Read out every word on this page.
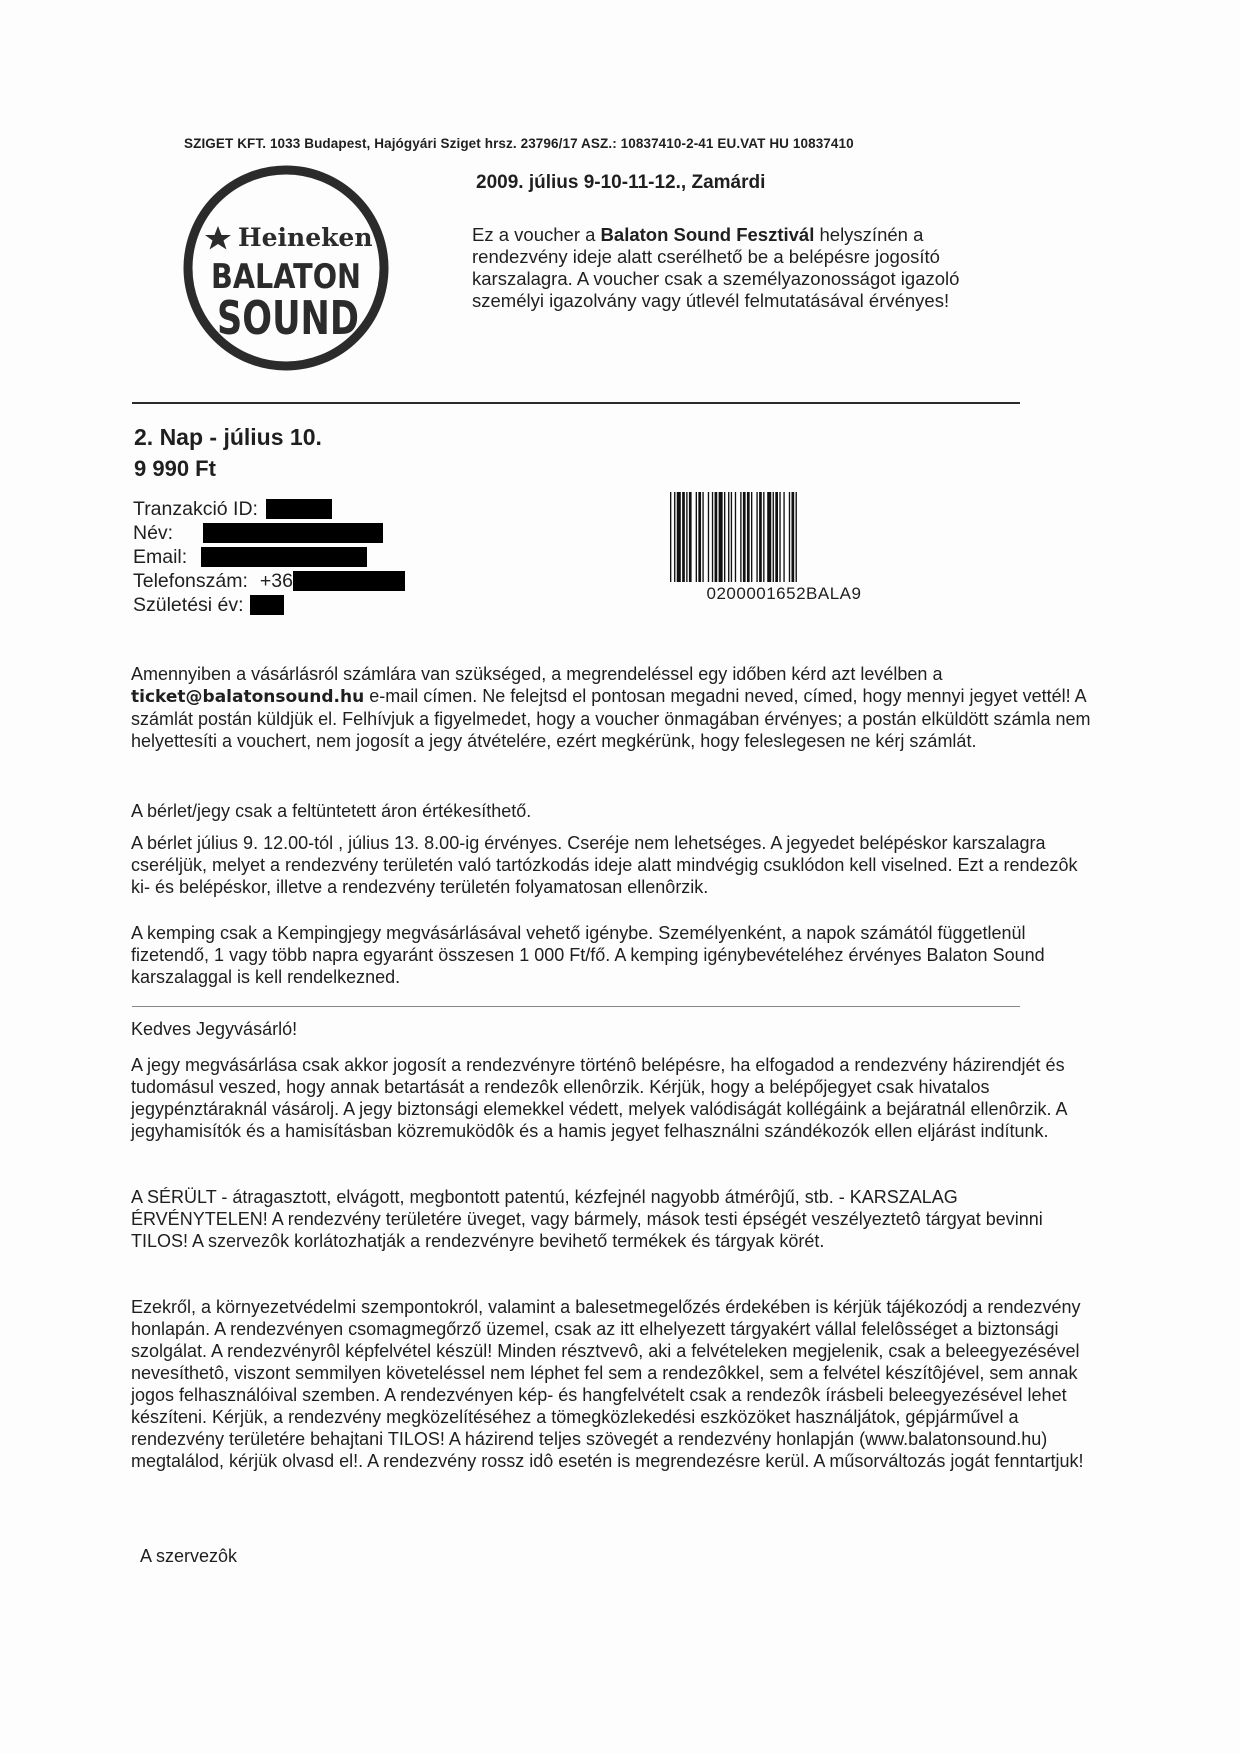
SZIGET KFT. 1033 Budapest, Hajógyári Sziget hrsz. 23796/17 ASZ.: 10837410-2-41 EU.VAT HU 10837410
Heineken
BALATON
SOUND
2009. július 9-10-11-12., Zamárdi
Ez a voucher a Balaton Sound Fesztivál helyszínén a rendezvény ideje alatt cserélhető be a belépésre jogosító karszalagra. A voucher csak a személyazonosságot igazoló személyi igazolvány vagy útlevél felmutatásával érvényes!
2. Nap - július 10.
9 990 Ft
Tranzakció ID:
Név:
Email:
Telefonszám: +36
Születési év:
0200001652BALA9
Amennyiben a vásárlásról számlára van szükséged, a megrendeléssel egy időben kérd azt levélben a ticket@balatonsound.hu e-mail címen. Ne felejtsd el pontosan megadni neved, címed, hogy mennyi jegyet vettél! A számlát postán küldjük el. Felhívjuk a figyelmedet, hogy a voucher önmagában érvényes; a postán elküldött számla nem helyettesíti a vouchert, nem jogosít a jegy átvételére, ezért megkérünk, hogy feleslegesen ne kérj számlát.
A bérlet/jegy csak a feltüntetett áron értékesíthető.
A bérlet július 9. 12.00-tól , július 13. 8.00-ig érvényes. Cseréje nem lehetséges. A jegyedet belépéskor karszalagra cseréljük, melyet a rendezvény területén való tartózkodás ideje alatt mindvégig csuklódon kell viselned. Ezt a rendezôk ki- és belépéskor, illetve a rendezvény területén folyamatosan ellenôrzik.
A kemping csak a Kempingjegy megvásárlásával vehető igénybe. Személyenként, a napok számától függetlenül fizetendő, 1 vagy több napra egyaránt összesen 1 000 Ft/fő. A kemping igénybevételéhez érvényes Balaton Sound karszalaggal is kell rendelkezned.
Kedves Jegyvásárló!
A jegy megvásárlása csak akkor jogosít a rendezvényre történô belépésre, ha elfogadod a rendezvény házirendjét és tudomásul veszed, hogy annak betartását a rendezôk ellenôrzik. Kérjük, hogy a belépőjegyet csak hivatalos jegypénztáraknál vásárolj. A jegy biztonsági elemekkel védett, melyek valódiságát kollégáink a bejáratnál ellenôrzik. A jegyhamisítók és a hamisításban közremuködôk és a hamis jegyet felhasználni szándékozók ellen eljárást indítunk.
A SÉRÜLT - átragasztott, elvágott, megbontott patentú, kézfejnél nagyobb átmérôjű, stb. - KARSZALAG ÉRVÉNYTELEN! A rendezvény területére üveget, vagy bármely, mások testi épségét veszélyeztetô tárgyat bevinni TILOS! A szervezôk korlátozhatják a rendezvényre bevihető termékek és tárgyak körét.
Ezekről, a környezetvédelmi szempontokról, valamint a balesetmegelőzés érdekében is kérjük tájékozódj a rendezvény honlapán. A rendezvényen csomagmegőrző üzemel, csak az itt elhelyezett tárgyakért vállal felelôsséget a biztonsági szolgálat. A rendezvényrôl képfelvétel készül! Minden résztvevô, aki a felvételeken megjelenik, csak a beleegyezésével nevesíthetô, viszont semmilyen követeléssel nem léphet fel sem a rendezôkkel, sem a felvétel készítôjével, sem annak jogos felhasználóival szemben. A rendezvényen kép- és hangfelvételt csak a rendezôk írásbeli beleegyezésével lehet készíteni. Kérjük, a rendezvény megközelítéséhez a tömegközlekedési eszközöket használjátok, gépjárművel a rendezvény területére behajtani TILOS! A házirend teljes szövegét a rendezvény honlapján (www.balatonsound.hu) megtalálod, kérjük olvasd el!. A rendezvény rossz idô esetén is megrendezésre kerül. A műsorváltozás jogát fenntartjuk!
A szervezôk
